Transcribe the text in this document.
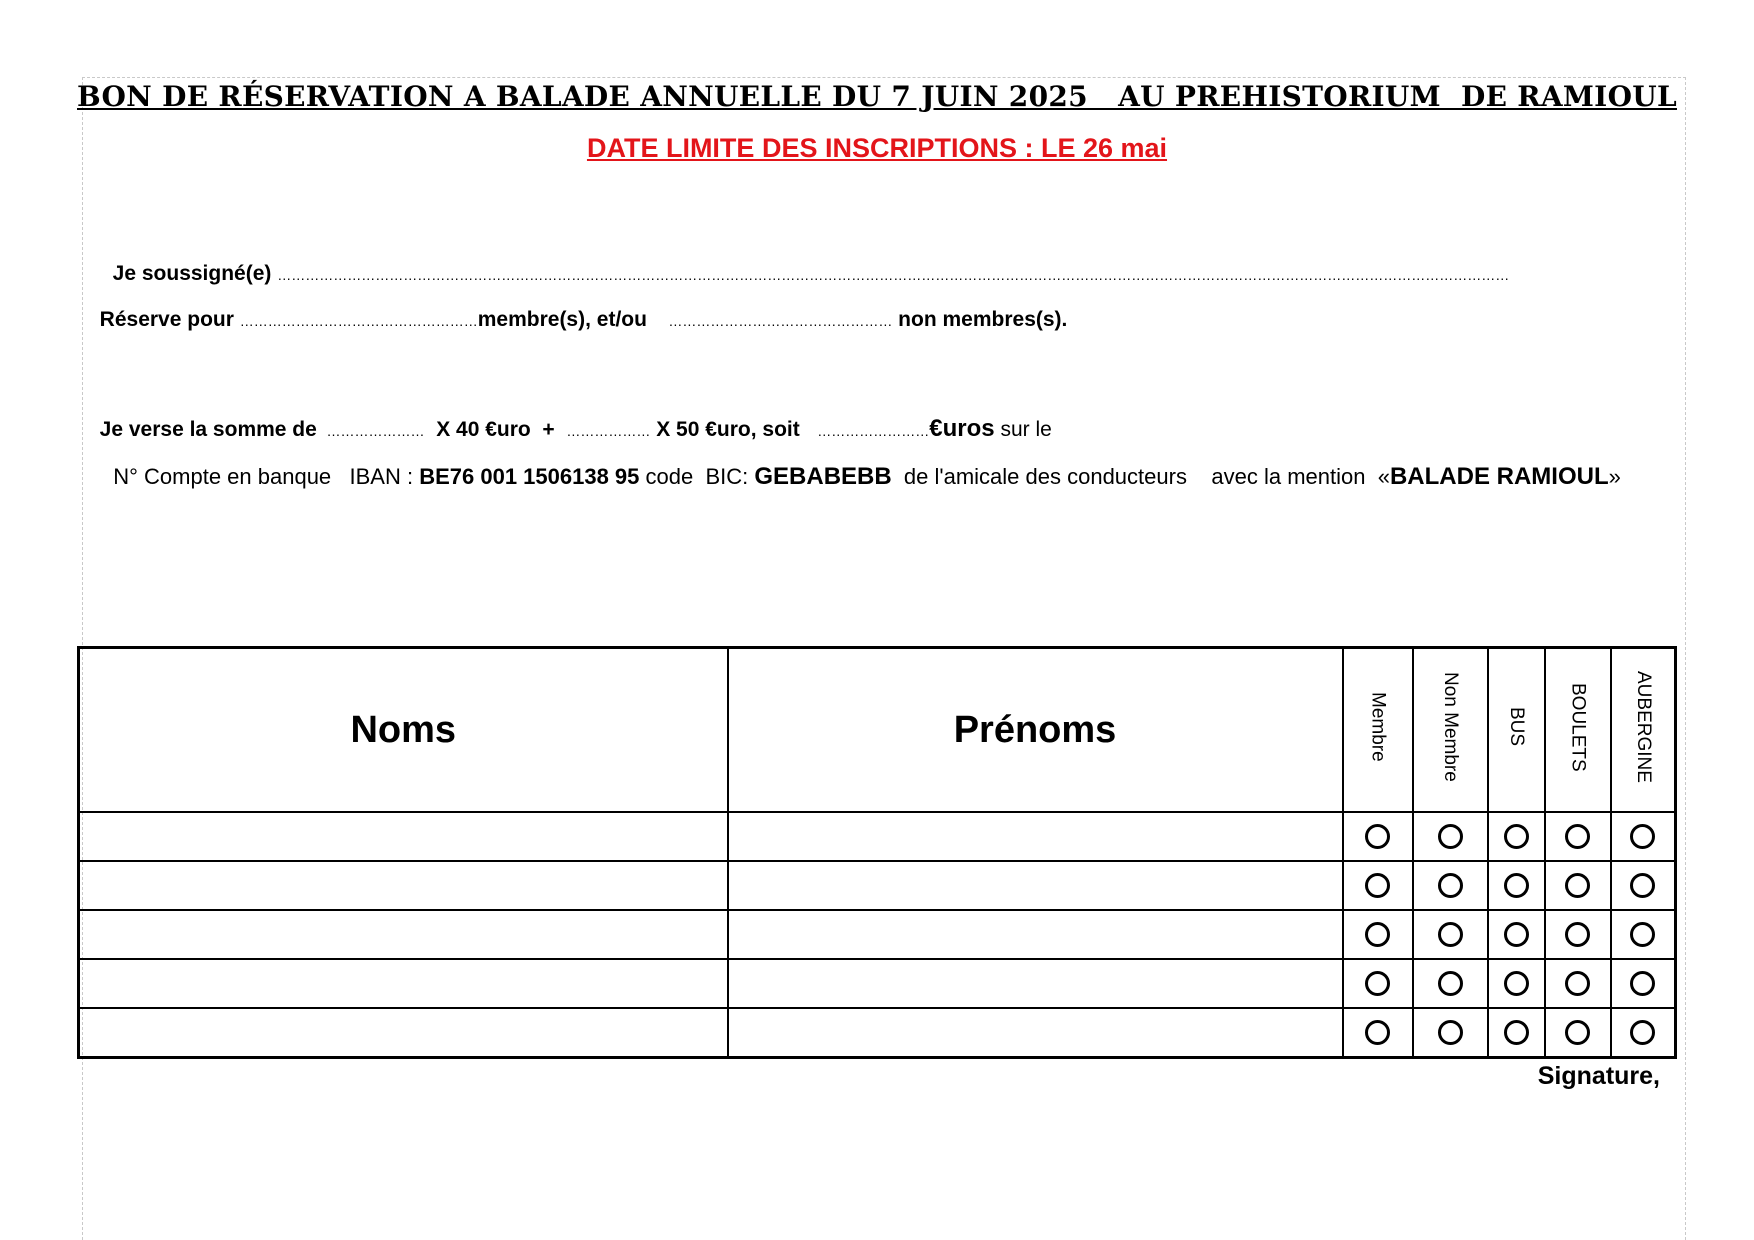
BON DE RÉSERVATION A BALADE ANNUELLE DU 7 JUIN 2025   AU PREHISTORIUM  DE RAMIOUL
DATE LIMITE DES INSCRIPTIONS : LE 26 mai

Je soussigné(e) …………………………………………………………………………………………………………………………………………………………………………………………………………………………………………

Réserve pour ……………………………………………membre(s), et/ou     ………………………………………… non membres(s).

Je verse la somme de  …………………  X 40 €uro  +  ……………… X 50 €uro, soit   ……………………€uros sur le

N° Compte en banque   IBAN : BE76 001 1506138 95 code  BIC: GEBABEBB  de l'amicale des conducteurs    avec la mention  «BALADE RAMIOUL»

Noms	Prénoms	Membre	Non Membre	BUS	BOULETS	AUBERGINE

Signature,
